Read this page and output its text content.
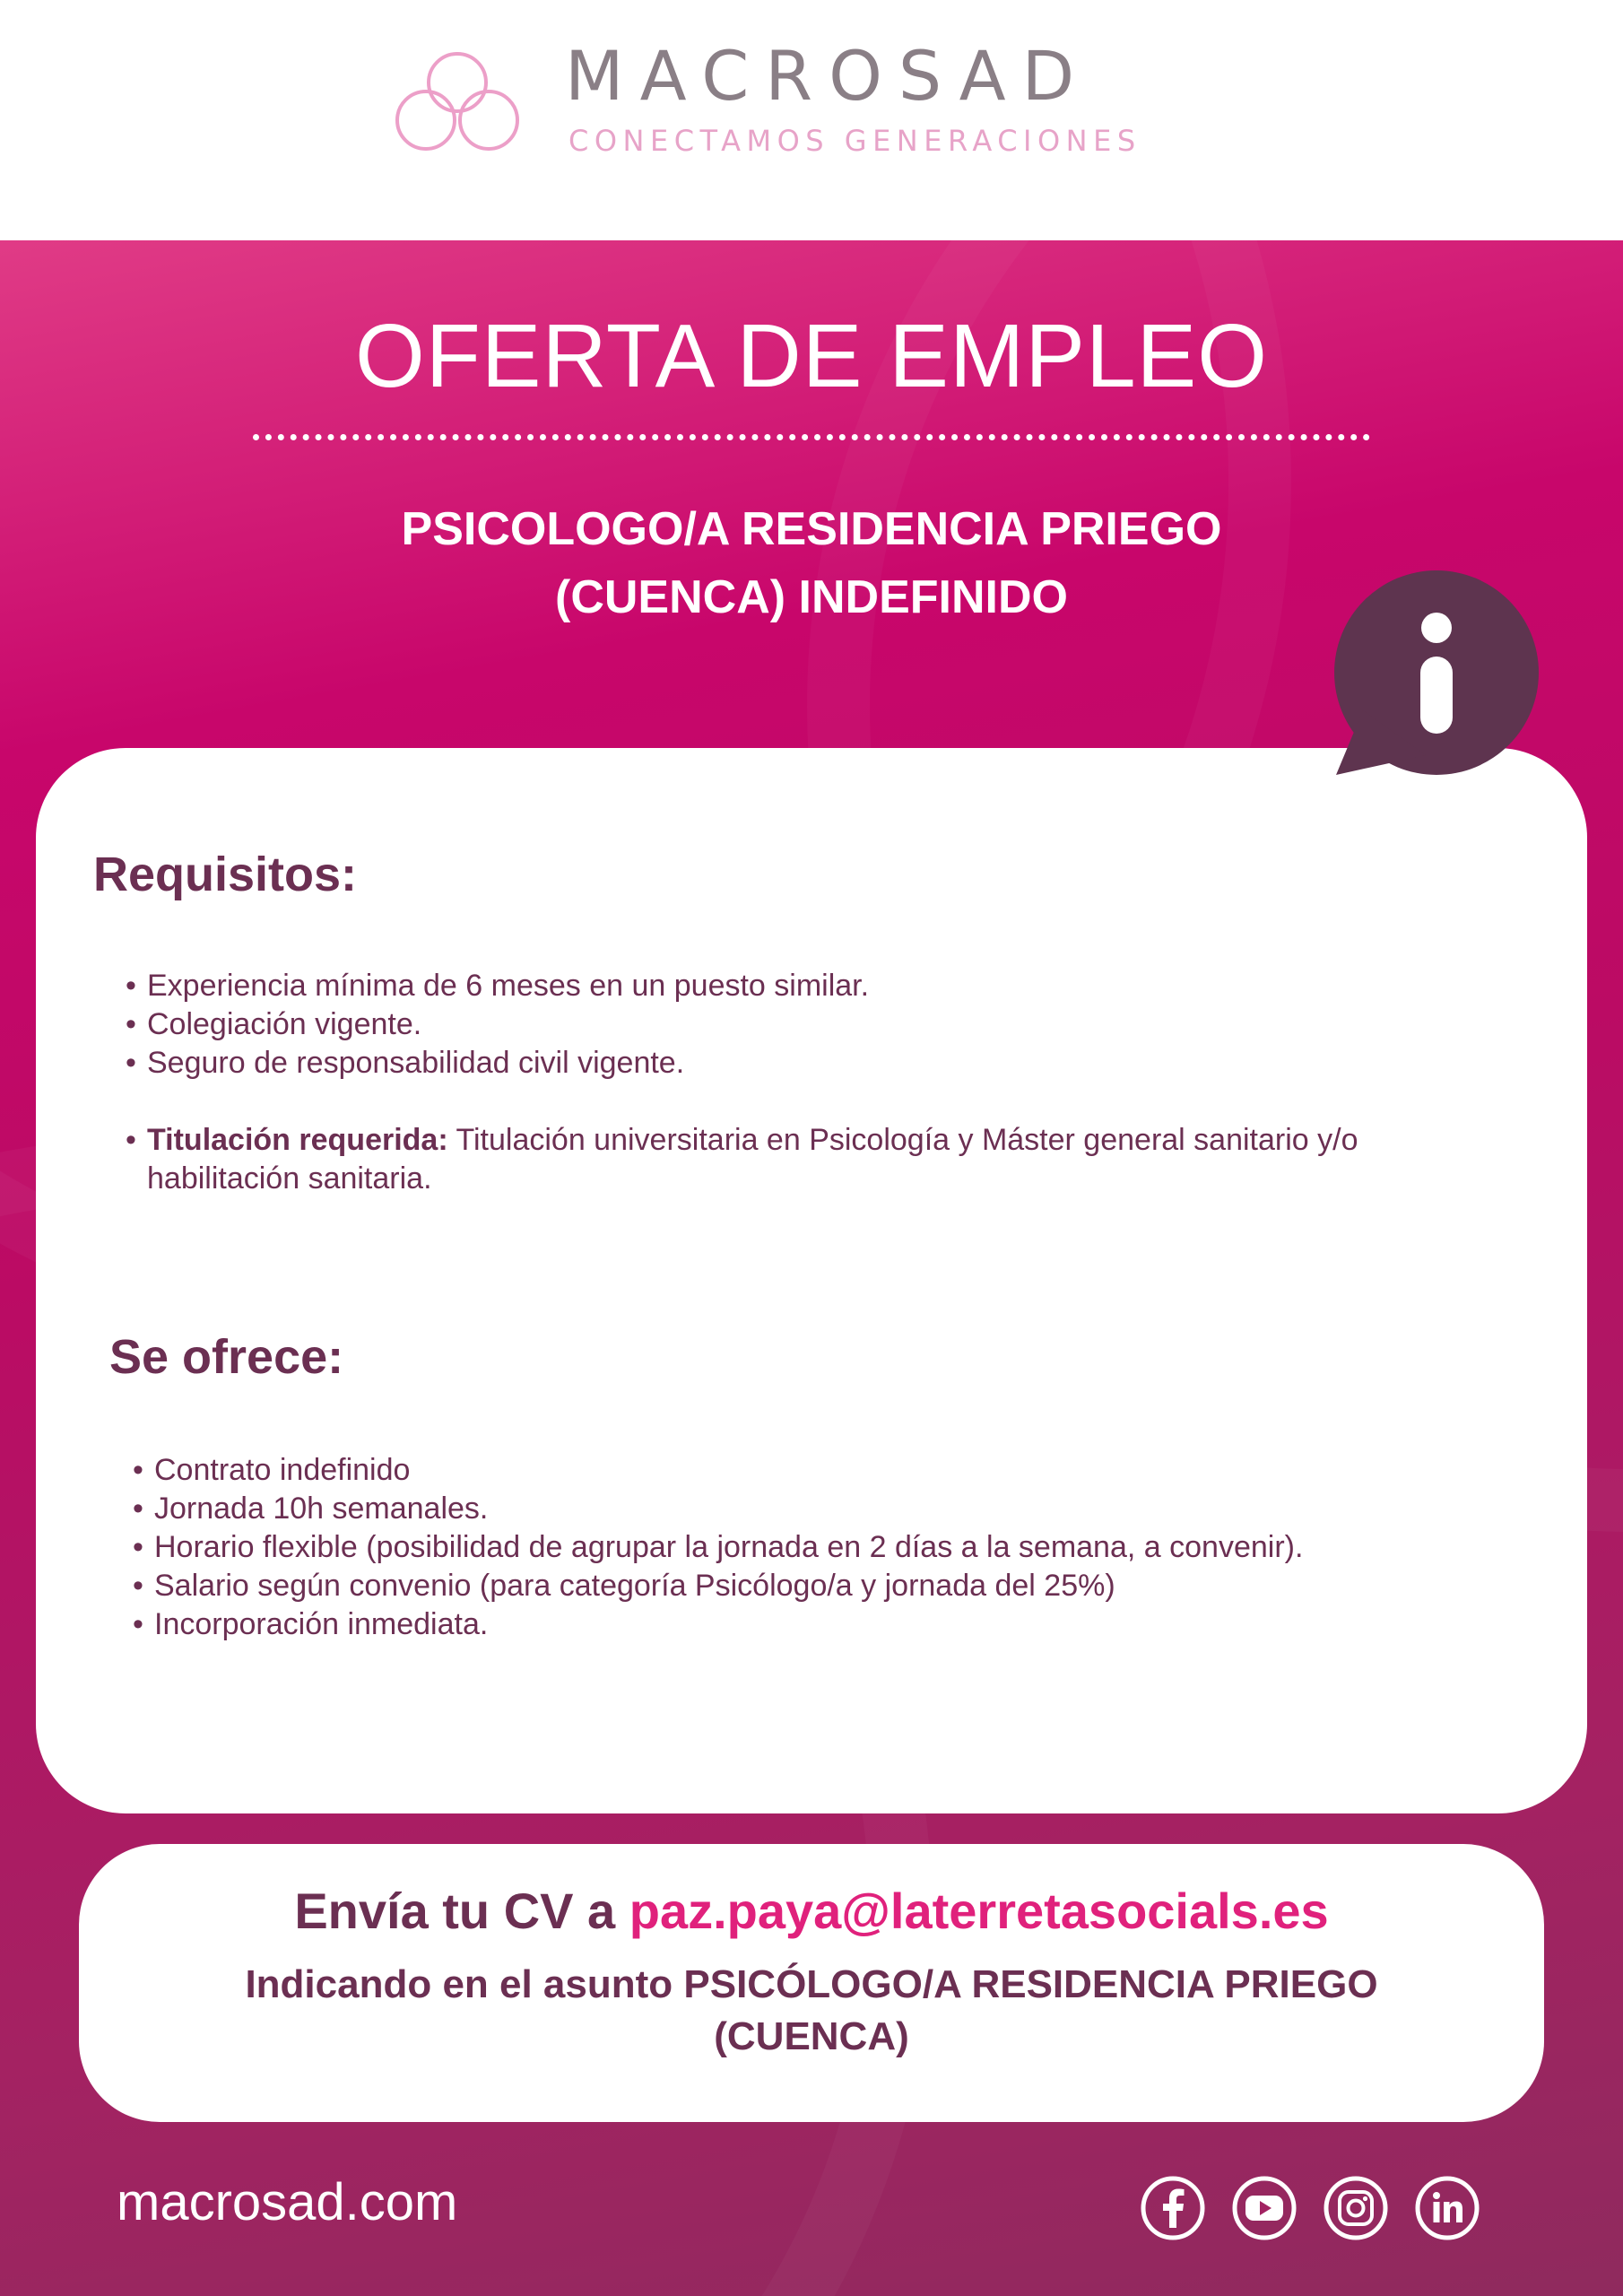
MACROSAD
CONECTAMOS GENERACIONES
OFERTA DE EMPLEO
PSICOLOGO/A RESIDENCIA PRIEGO
(CUENCA) INDEFINIDO
Requisitos:
• Experiencia mínima de 6 meses en un puesto similar.
• Colegiación vigente.
• Seguro de responsabilidad civil vigente.
• Titulación requerida: Titulación universitaria en Psicología y Máster general sanitario y/o habilitación sanitaria.
Se ofrece:
• Contrato indefinido
• Jornada 10h semanales.
• Horario flexible (posibilidad de agrupar la jornada en 2 días a la semana, a convenir).
• Salario según convenio (para categoría Psicólogo/a y jornada del 25%)
• Incorporación inmediata.
Envía tu CV a paz.paya@laterretasocials.es
Indicando en el asunto PSICÓLOGO/A RESIDENCIA PRIEGO
(CUENCA)
macrosad.com
